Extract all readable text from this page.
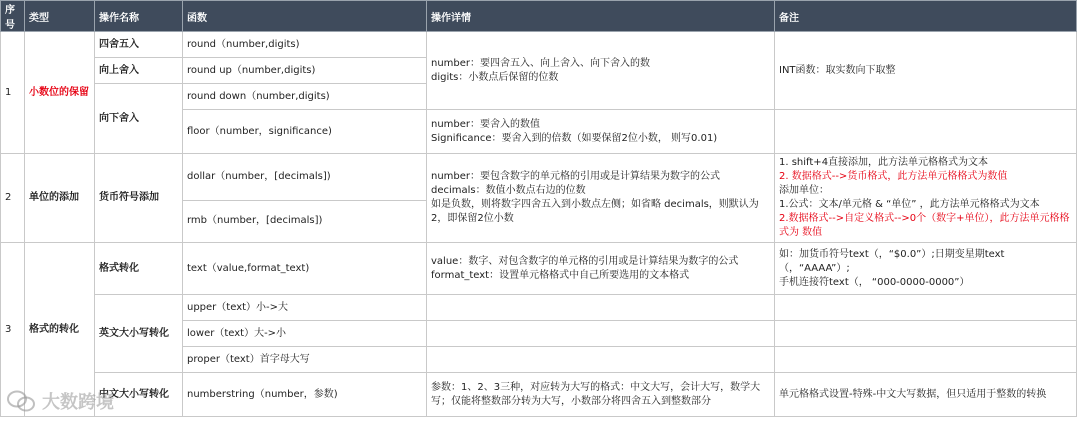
序号	类型	操作名称	函数	操作详情	备注
1	小数位的保留	四舍五入	round（number,digits)	number：要四舍五入、向上舍入、向下舍入的数
digits：小数点后保留的位数	INT函数：取实数向下取整
		向上舍入	round up（number,digits)		
		向下舍入	round down（number,digits)		
			floor（number，significance)	number：要舍入的数值
Significance：要舍入到的倍数（如要保留2位小数， 则写0.01)	

2	单位的添加	货币符号添加	dollar（number，[decimals])	number：要包含数字的单元格的引用或是计算结果为数字的公式
decimals：数值小数点右边的位数
如是负数，则将数字四舍五入到小数点左侧；如省略 decimals，则默认为2，即保留2位小数	1. shift+4直接添加，此方法单元格格式为文本
2. 数据格式-->货币格式，此方法单元格格式为数值
添加单位：
1.公式：文本/单元格 & “单位” ，此方法单元格格式为文本
2.数据格式-->自定义格式-->0个（数字+单位），此方法单元格格式为 数值

			rmb（number，[decimals])		
3	格式的转化	格式转化	text（value,format_text)	value：数字、对包含数字的单元格的引用或是计算结果为数字的公式
format_text：设置单元格格式中自己所要选用的文本格式	如：加货币符号text（，“$0.0”）;日期变星期text（，“AAAA”）;
手机连接符text（， “000-0000-0000”）

		英文大小写转化	upper（text）小->大		
			lower（text）大->小		
			proper（text）首字母大写		
		中文大小写转化	numberstring（number，参数)	参数：1、2、3三种，对应转为大写的格式：中文大写，会计大写，数学大写；仅能将整数部分转为大写，小数部分将四舍五入到整数部分	单元格格式设置-特殊-中文大写数据，但只适用于整数的转换
大数跨境
